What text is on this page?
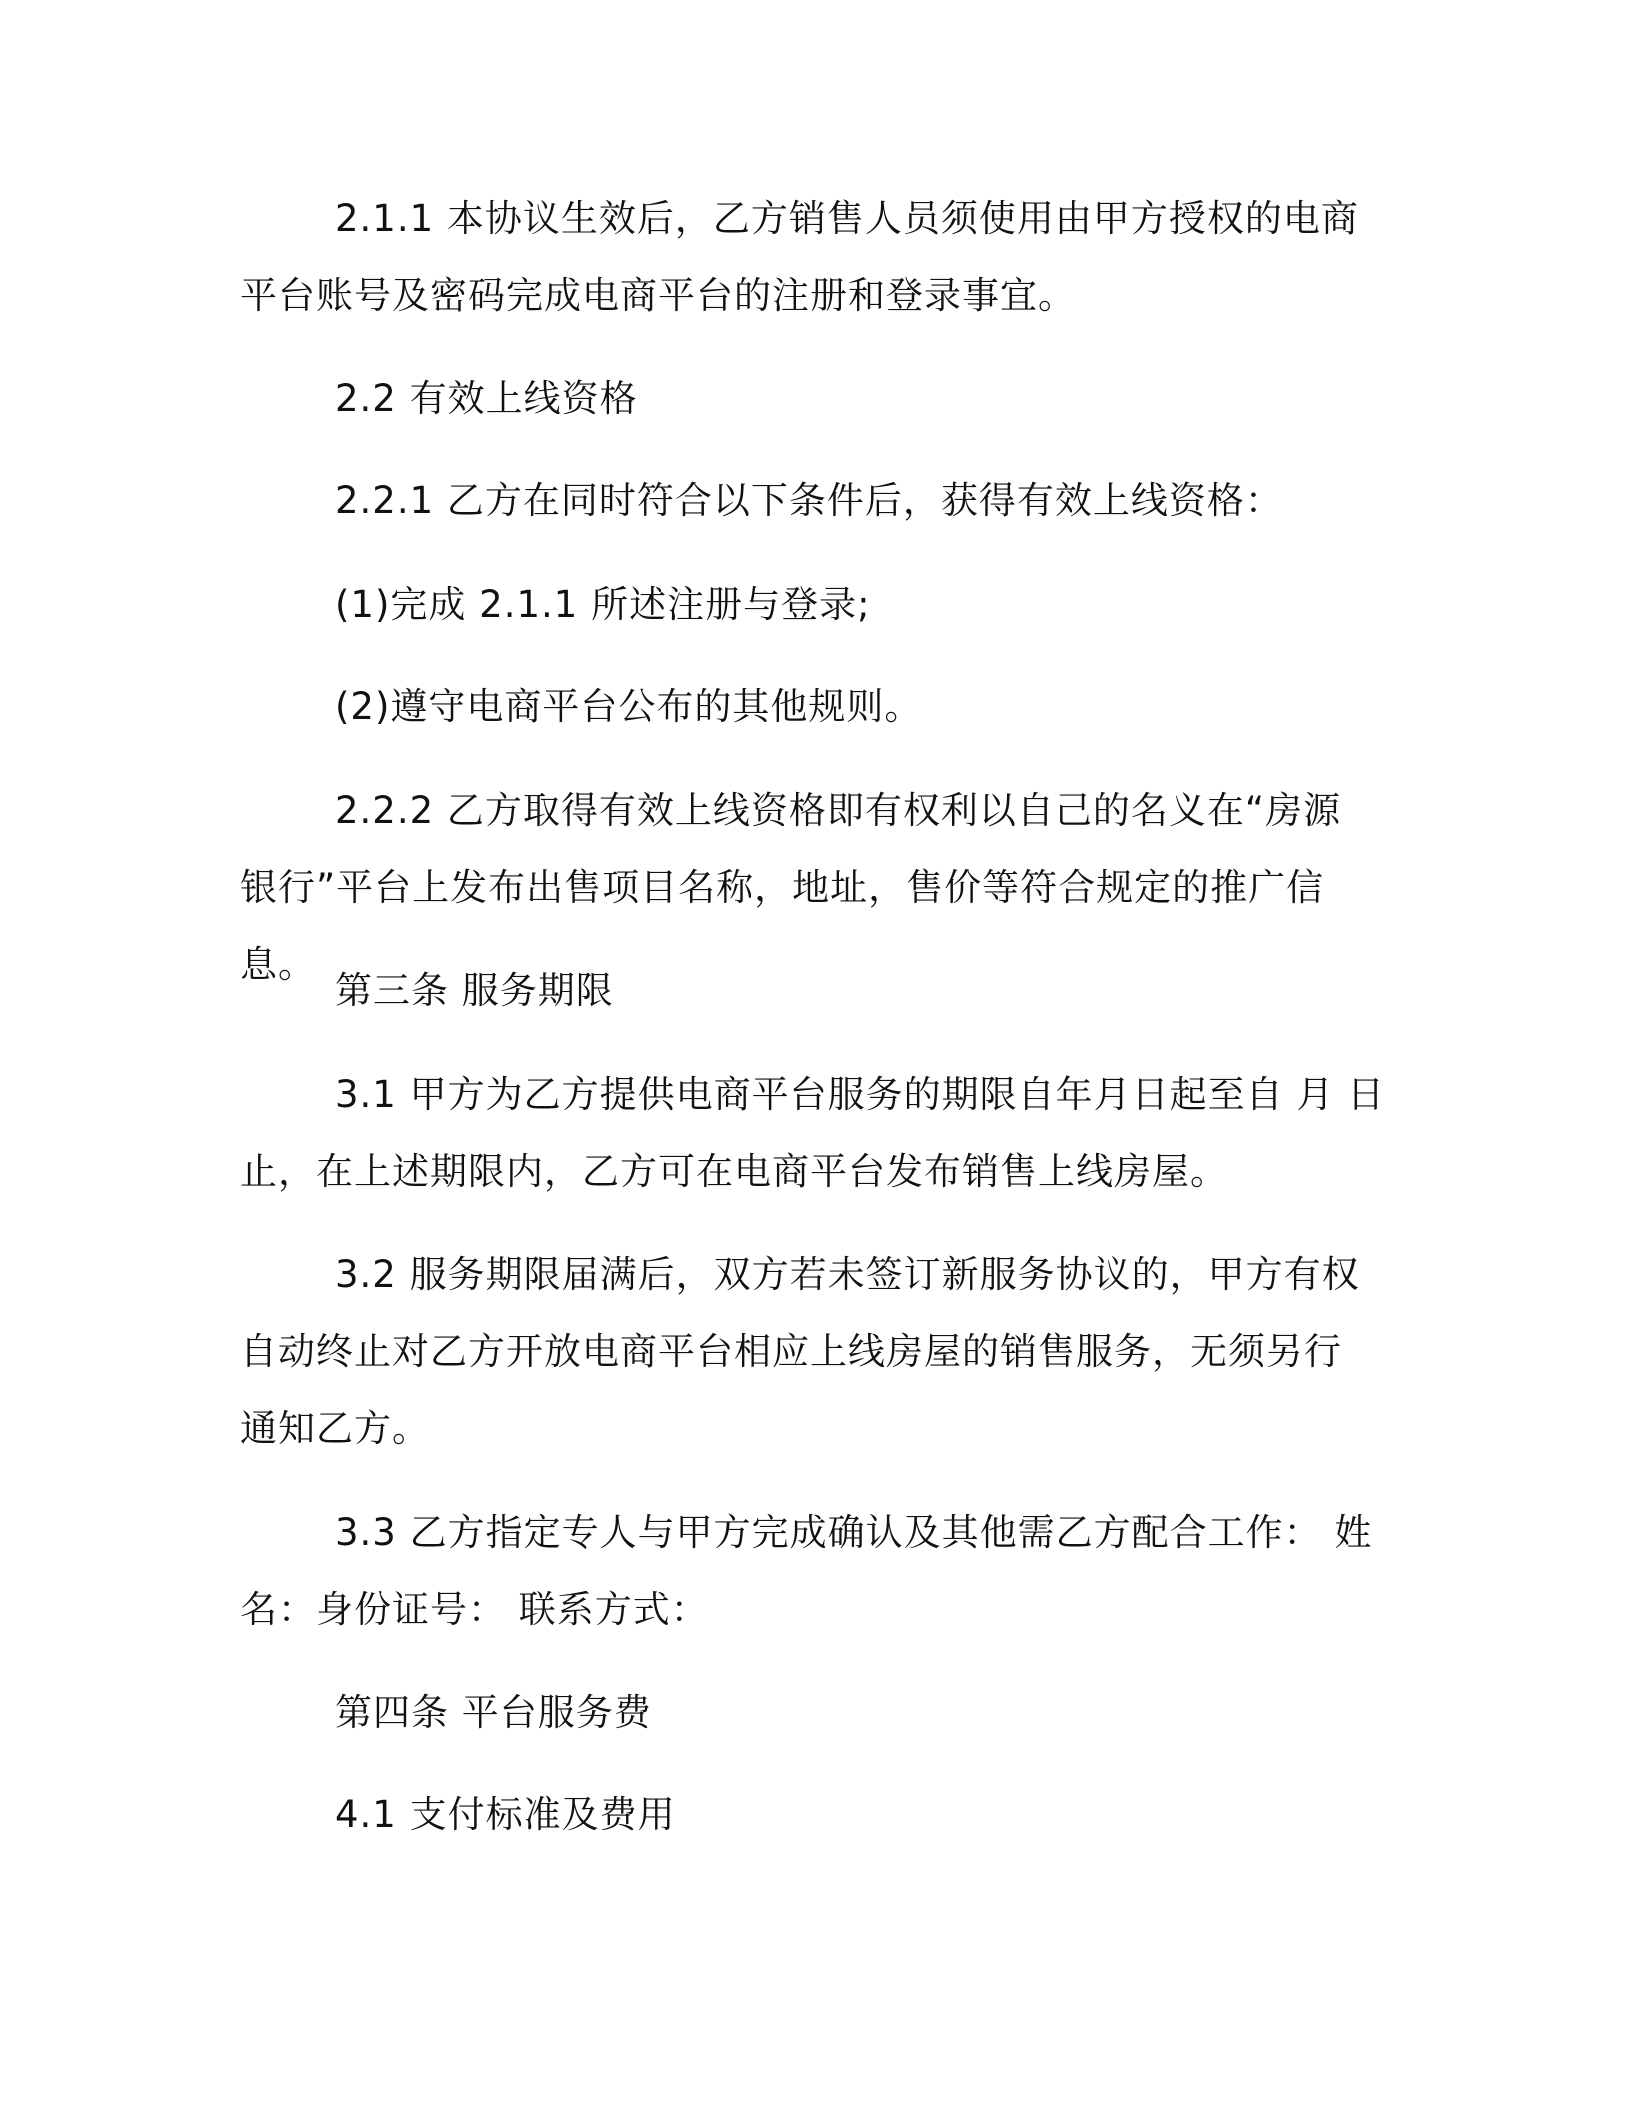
2.1.1 本协议生效后，乙方销售人员须使用由甲方授权的电商平台账号及密码完成电商平台的注册和登录事宜。

2.2 有效上线资格

2.2.1 乙方在同时符合以下条件后，获得有效上线资格：

(1)完成 2.1.1 所述注册与登录;

(2)遵守电商平台公布的其他规则。

2.2.2 乙方取得有效上线资格即有权利以自己的名义在“房源银行”平台上发布出售项目名称，地址，售价等符合规定的推广信息。

第三条 服务期限

3.1 甲方为乙方提供电商平台服务的期限自年月日起至自 月 日止，在上述期限内，乙方可在电商平台发布销售上线房屋。

3.2 服务期限届满后，双方若未签订新服务协议的，甲方有权自动终止对乙方开放电商平台相应上线房屋的销售服务，无须另行通知乙方。

3.3 乙方指定专人与甲方完成确认及其他需乙方配合工作： 姓名：身份证号： 联系方式：

第四条 平台服务费

4.1 支付标准及费用
